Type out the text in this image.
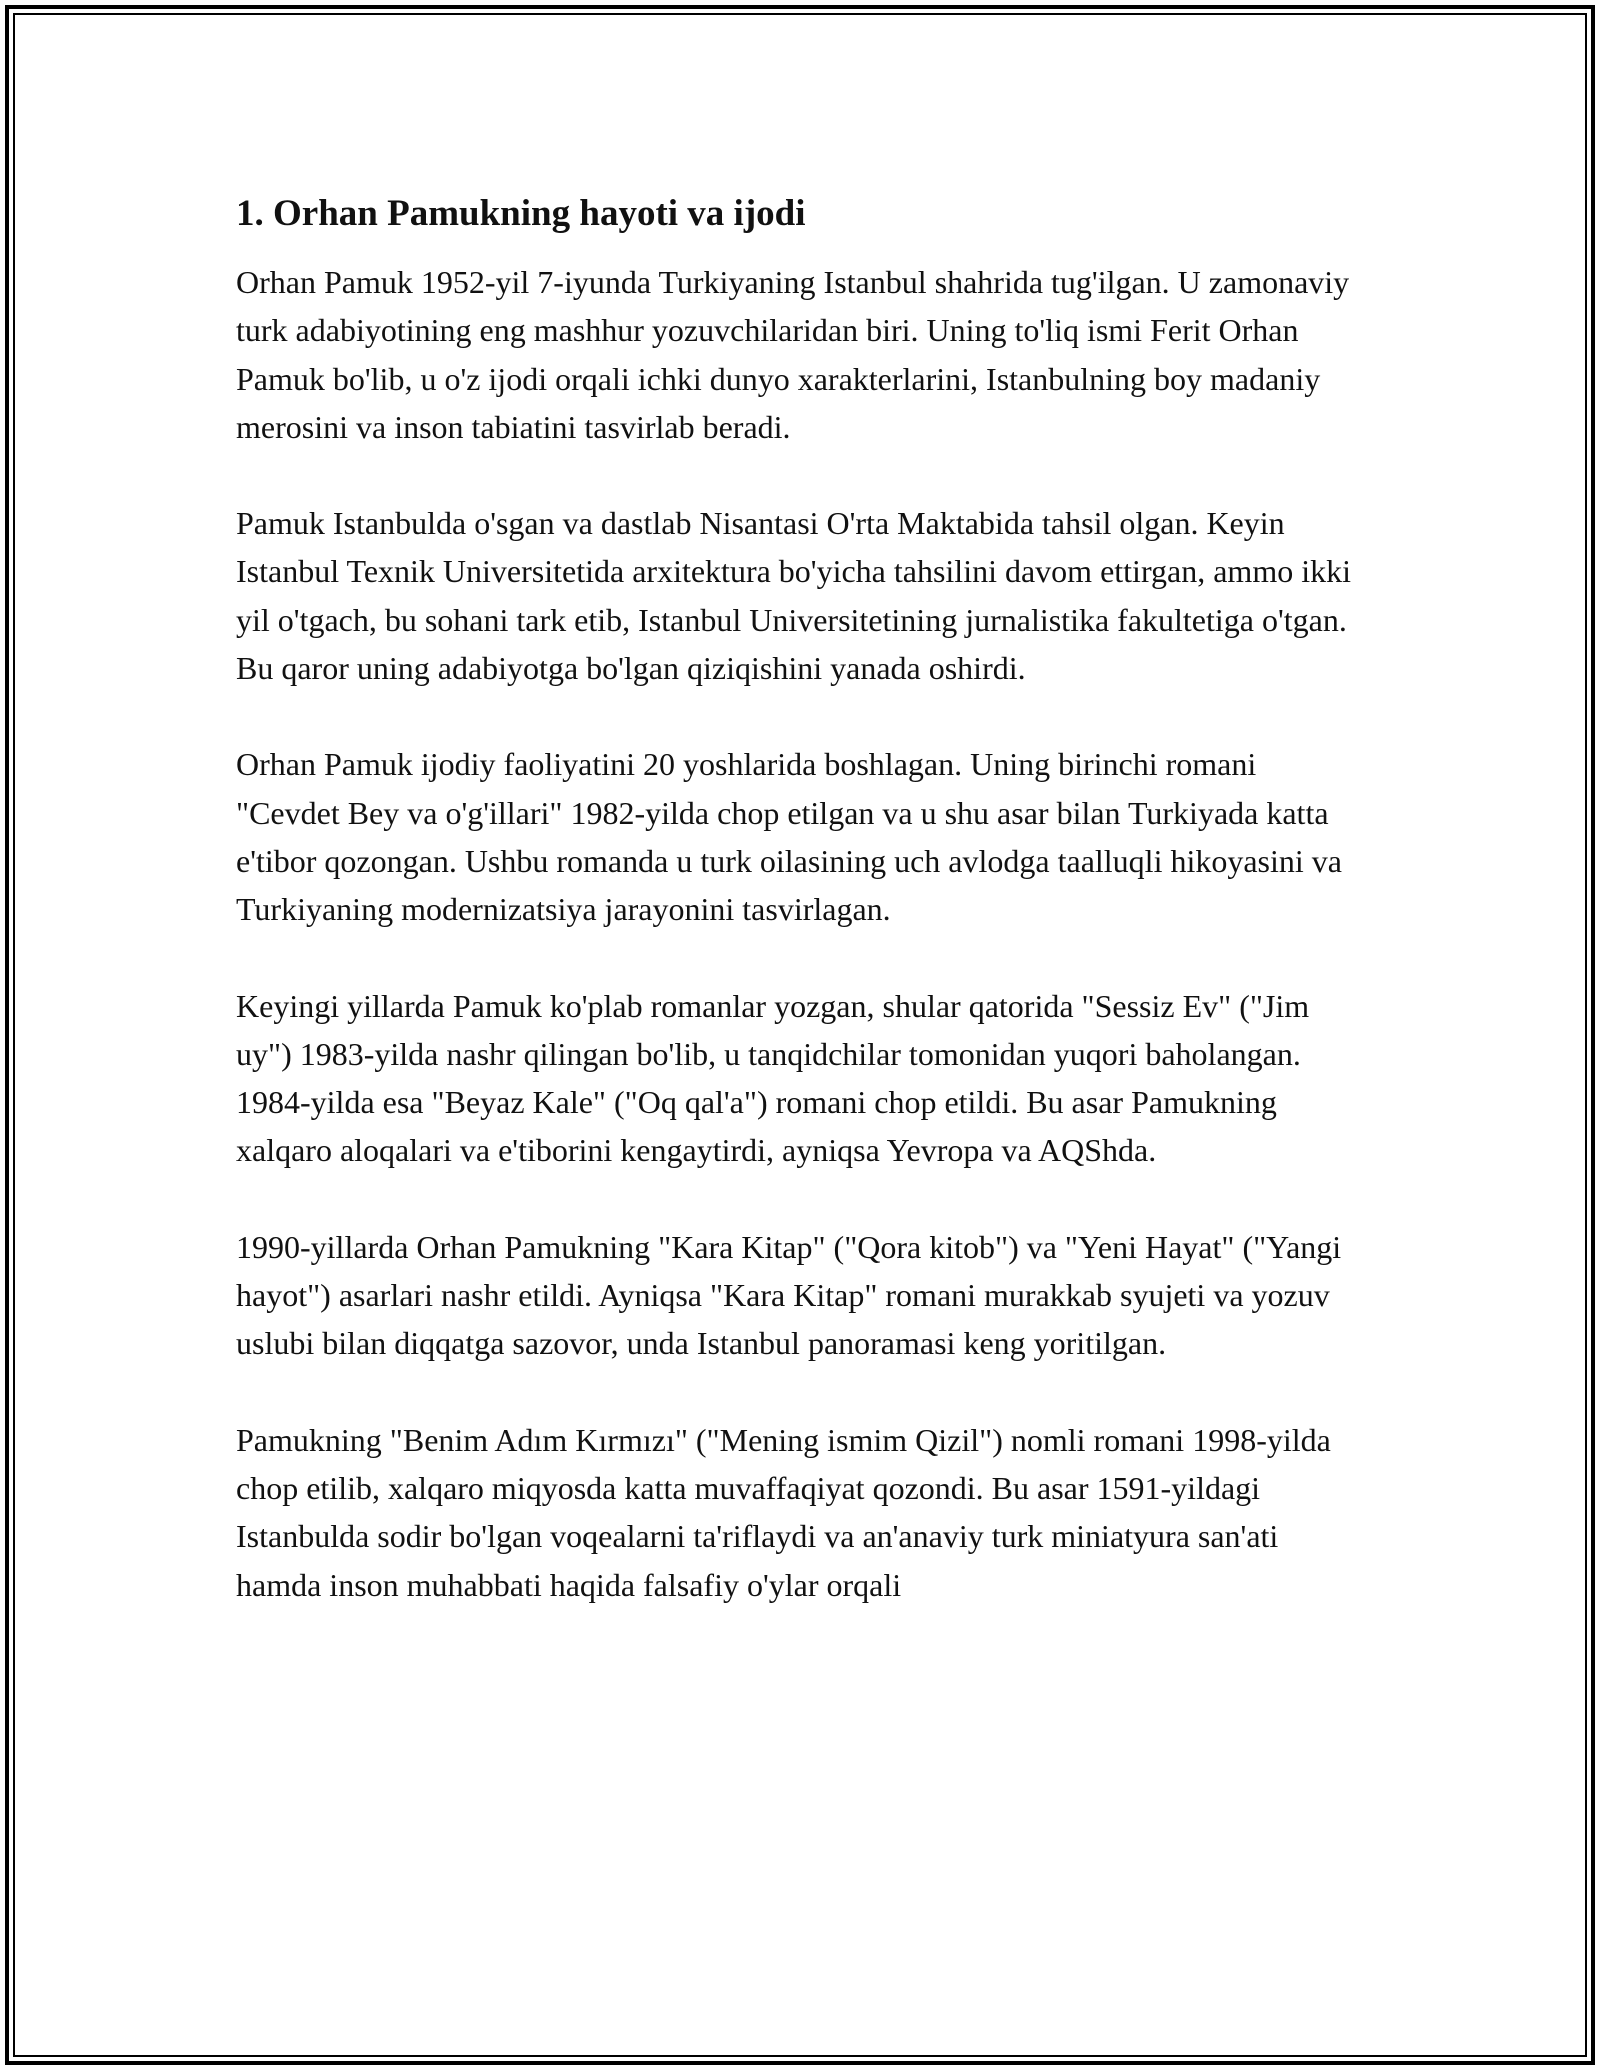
1. Orhan Pamukning hayoti va ijodi

Orhan Pamuk 1952-yil 7-iyunda Turkiyaning Istanbul shahrida tug'ilgan. U zamonaviy turk adabiyotining eng mashhur yozuvchilaridan biri. Uning to'liq ismi Ferit Orhan Pamuk bo'lib, u o'z ijodi orqali ichki dunyo xarakterlarini, Istanbulning boy madaniy merosini va inson tabiatini tasvirlab beradi.

Pamuk Istanbulda o'sgan va dastlab Nisantasi O'rta Maktabida tahsil olgan. Keyin Istanbul Texnik Universitetida arxitektura bo'yicha tahsilini davom ettirgan, ammo ikki yil o'tgach, bu sohani tark etib, Istanbul Universitetining jurnalistika fakultetiga o'tgan. Bu qaror uning adabiyotga bo'lgan qiziqishini yanada oshirdi.

Orhan Pamuk ijodiy faoliyatini 20 yoshlarida boshlagan. Uning birinchi romani "Cevdet Bey va o'g'illari" 1982-yilda chop etilgan va u shu asar bilan Turkiyada katta e'tibor qozongan. Ushbu romanda u turk oilasining uch avlodga taalluqli hikoyasini va Turkiyaning modernizatsiya jarayonini tasvirlagan.

Keyingi yillarda Pamuk ko'plab romanlar yozgan, shular qatorida "Sessiz Ev" ("Jim uy") 1983-yilda nashr qilingan bo'lib, u tanqidchilar tomonidan yuqori baholangan. 1984-yilda esa "Beyaz Kale" ("Oq qal'a") romani chop etildi. Bu asar Pamukning xalqaro aloqalari va e'tiborini kengaytirdi, ayniqsa Yevropa va AQShda.

1990-yillarda Orhan Pamukning "Kara Kitap" ("Qora kitob") va "Yeni Hayat" ("Yangi hayot") asarlari nashr etildi. Ayniqsa "Kara Kitap" romani murakkab syujeti va yozuv uslubi bilan diqqatga sazovor, unda Istanbul panoramasi keng yoritilgan.

Pamukning "Benim Adım Kırmızı" ("Mening ismim Qizil") nomli romani 1998-yilda chop etilib, xalqaro miqyosda katta muvaffaqiyat qozondi. Bu asar 1591-yildagi Istanbulda sodir bo'lgan voqealarni ta'riflaydi va an'anaviy turk miniatyura san'ati hamda inson muhabbati haqida falsafiy o'ylar orqali
